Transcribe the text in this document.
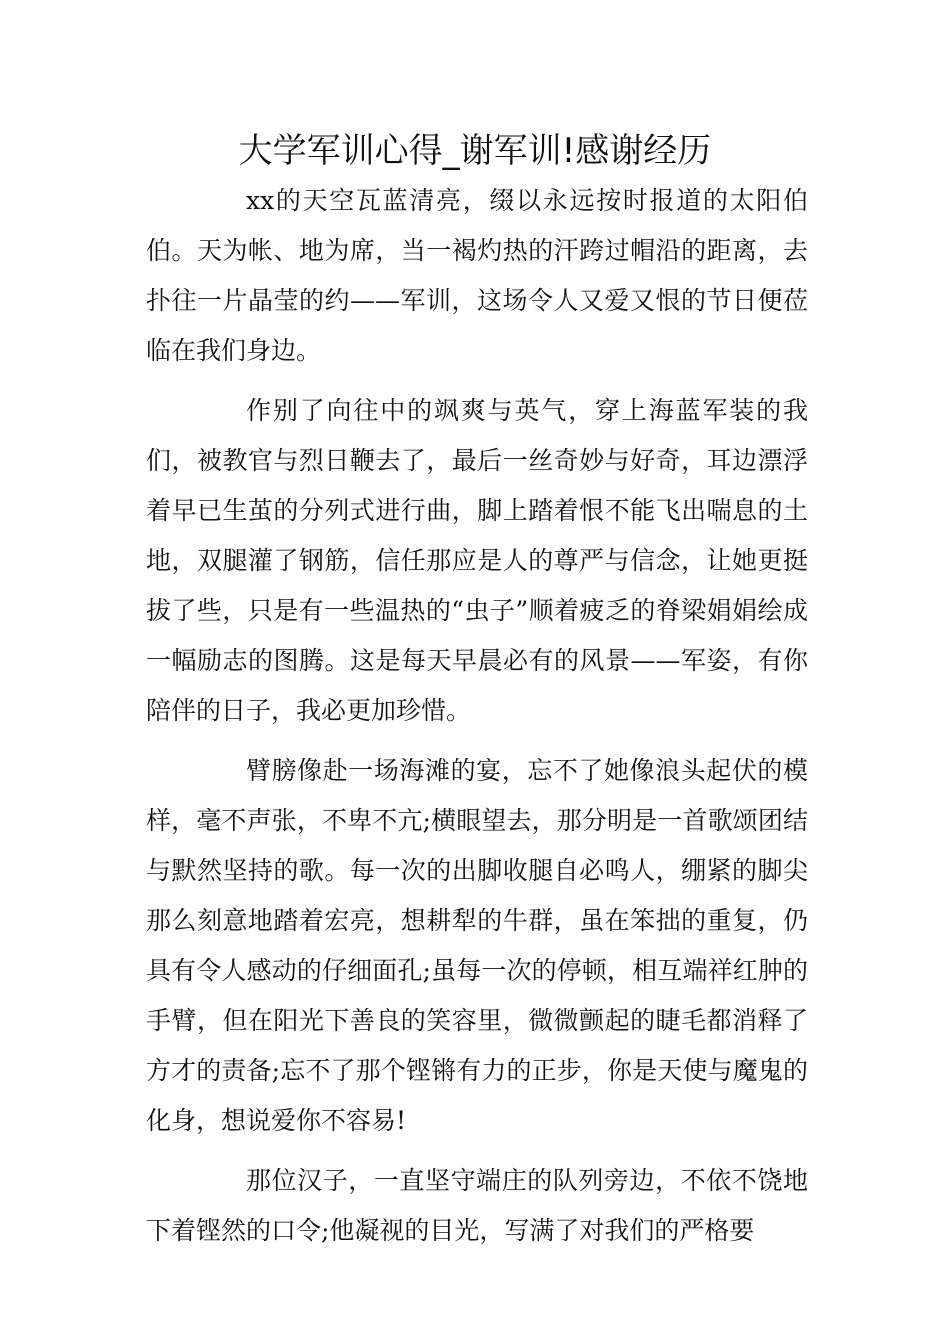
大学军训心得_谢军训!感谢经历

xx的天空瓦蓝清亮，缀以永远按时报道的太阳伯伯。天为帐、地为席，当一褐灼热的汗跨过帽沿的距离，去扑往一片晶莹的约——军训，这场令人又爱又恨的节日便莅临在我们身边。

作别了向往中的飒爽与英气，穿上海蓝军装的我们，被教官与烈日鞭去了，最后一丝奇妙与好奇，耳边漂浮着早已生茧的分列式进行曲，脚上踏着恨不能飞出喘息的土地，双腿灌了钢筋，信任那应是人的尊严与信念，让她更挺拔了些，只是有一些温热的“虫子”顺着疲乏的脊梁娟娟绘成一幅励志的图腾。这是每天早晨必有的风景——军姿，有你陪伴的日子，我必更加珍惜。

臂膀像赴一场海滩的宴，忘不了她像浪头起伏的模样，毫不声张，不卑不亢;横眼望去，那分明是一首歌颂团结与默然坚持的歌。每一次的出脚收腿自必鸣人，绷紧的脚尖那么刻意地踏着宏亮，想耕犁的牛群，虽在笨拙的重复，仍具有令人感动的仔细面孔;虽每一次的停顿，相互端祥红肿的手臂，但在阳光下善良的笑容里，微微颤起的睫毛都消释了方才的责备;忘不了那个铿锵有力的正步，你是天使与魔鬼的化身，想说爱你不容易!

那位汉子，一直坚守端庄的队列旁边，不依不饶地下着铿然的口令;他凝视的目光，写满了对我们的严格要
